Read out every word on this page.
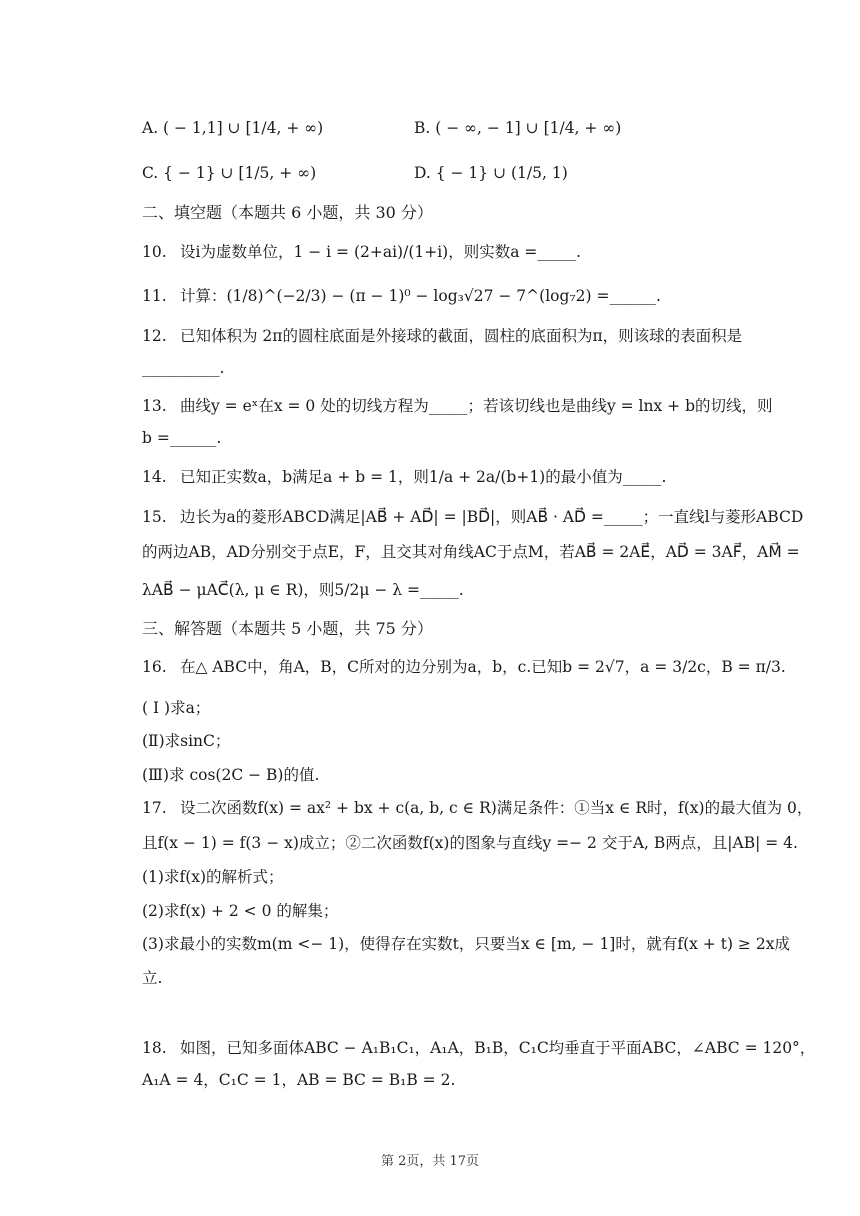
A. ( − 1,1] ∪ [1/4, + ∞)	B. ( − ∞, − 1] ∪ [1/4, + ∞)
C. { − 1} ∪ [1/5, + ∞)	D. { − 1} ∪ (1/5, 1)
二、填空题（本题共 6 小题，共 30 分）
10. 设i为虚数单位，1 − i = (2+ai)/(1+i)，则实数a =_____.
11. 计算：(1/8)^(−2/3) − (π − 1)⁰ − log₃√27 − 7^(log₇2) =______.
12. 已知体积为 2π的圆柱底面是外接球的截面，圆柱的底面积为π，则该球的表面积是
__________.
13. 曲线y = eˣ在x = 0 处的切线方程为_____；若该切线也是曲线y = lnx + b的切线，则
b =______.
14. 已知正实数a，b满足a + b = 1，则1/a + 2a/(b+1)的最小值为_____.
15. 边长为a的菱形ABCD满足|AB⃗ + AD⃗| = |BD⃗|，则AB⃗ · AD⃗ =_____；一直线l与菱形ABCD
的两边AB，AD分别交于点E，F，且交其对角线AC于点M，若AB⃗ = 2AE⃗，AD⃗ = 3AF⃗，AM⃗ =
λAB⃗ − μAC⃗(λ, μ ∈ R)，则5/2μ − λ =_____.
三、解答题（本题共 5 小题，共 75 分）
16. 在△ ABC中，角A，B，C所对的边分别为a，b，c.已知b = 2√7，a = 3/2c，B = π/3.
( Ⅰ )求a；
(Ⅱ)求sinC；
(Ⅲ)求 cos(2C − B)的值.
17. 设二次函数f(x) = ax² + bx + c(a, b, c ∈ R)满足条件：①当x ∈ R时，f(x)的最大值为 0，
且f(x − 1) = f(3 − x)成立；②二次函数f(x)的图象与直线y =− 2 交于A, B两点，且|AB| = 4.
(1)求f(x)的解析式；
(2)求f(x) + 2 < 0 的解集；
(3)求最小的实数m(m <− 1)，使得存在实数t，只要当x ∈ [m, − 1]时，就有f(x + t) ≥ 2x成
立.
18. 如图，已知多面体ABC − A₁B₁C₁，A₁A，B₁B，C₁C均垂直于平面ABC，∠ABC = 120°，
A₁A = 4，C₁C = 1，AB = BC = B₁B = 2.
第 2页，共 17页
